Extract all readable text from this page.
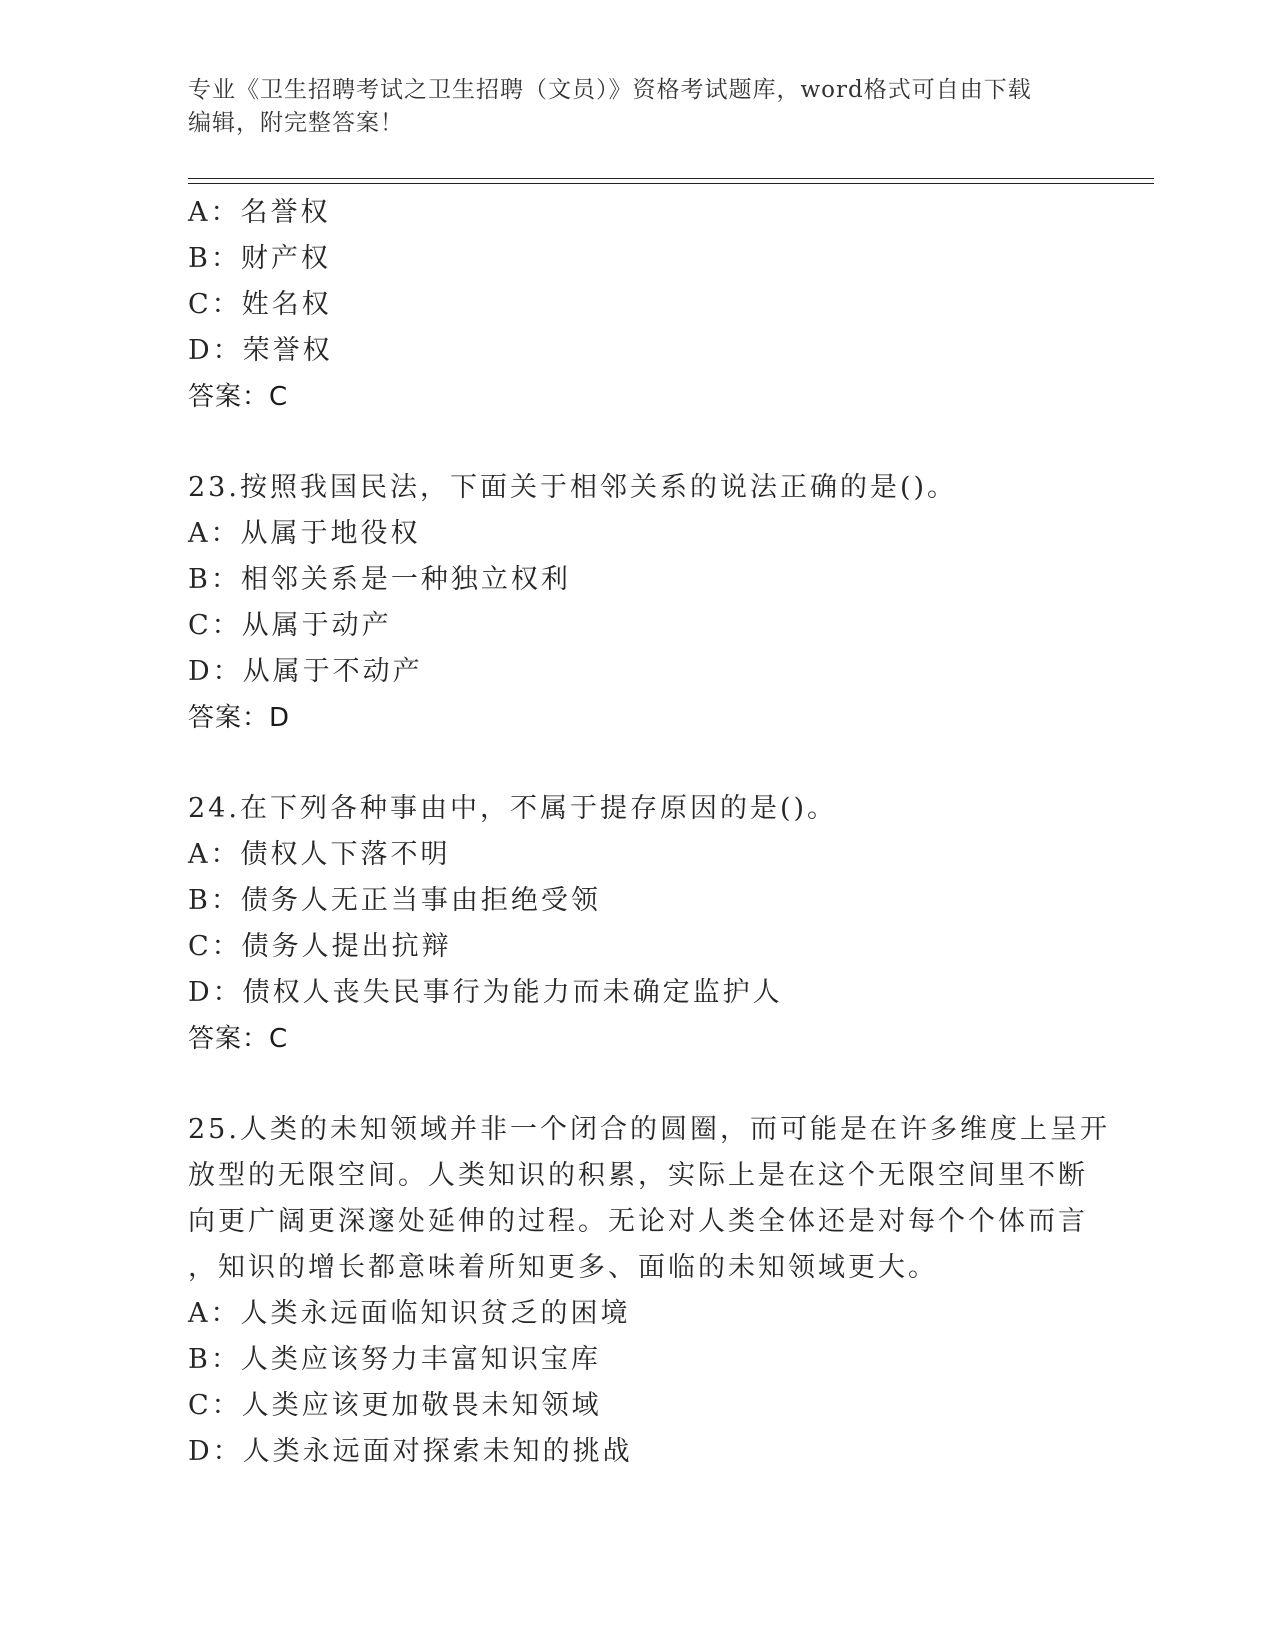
专业《卫生招聘考试之卫生招聘（文员）》资格考试题库，word格式可自由下载
编辑，附完整答案！
A：名誉权
B：财产权
C：姓名权
D：荣誉权
答案：C
23.按照我国民法，下面关于相邻关系的说法正确的是()。
A：从属于地役权
B：相邻关系是一种独立权利
C：从属于动产
D：从属于不动产
答案：D
24.在下列各种事由中，不属于提存原因的是()。
A：债权人下落不明
B：债务人无正当事由拒绝受领
C：债务人提出抗辩
D：债权人丧失民事行为能力而未确定监护人
答案：C
25.人类的未知领域并非一个闭合的圆圈，而可能是在许多维度上呈开
放型的无限空间。人类知识的积累，实际上是在这个无限空间里不断
向更广阔更深邃处延伸的过程。无论对人类全体还是对每个个体而言
，知识的增长都意味着所知更多、面临的未知领域更大。
A：人类永远面临知识贫乏的困境
B：人类应该努力丰富知识宝库
C：人类应该更加敬畏未知领域
D：人类永远面对探索未知的挑战
